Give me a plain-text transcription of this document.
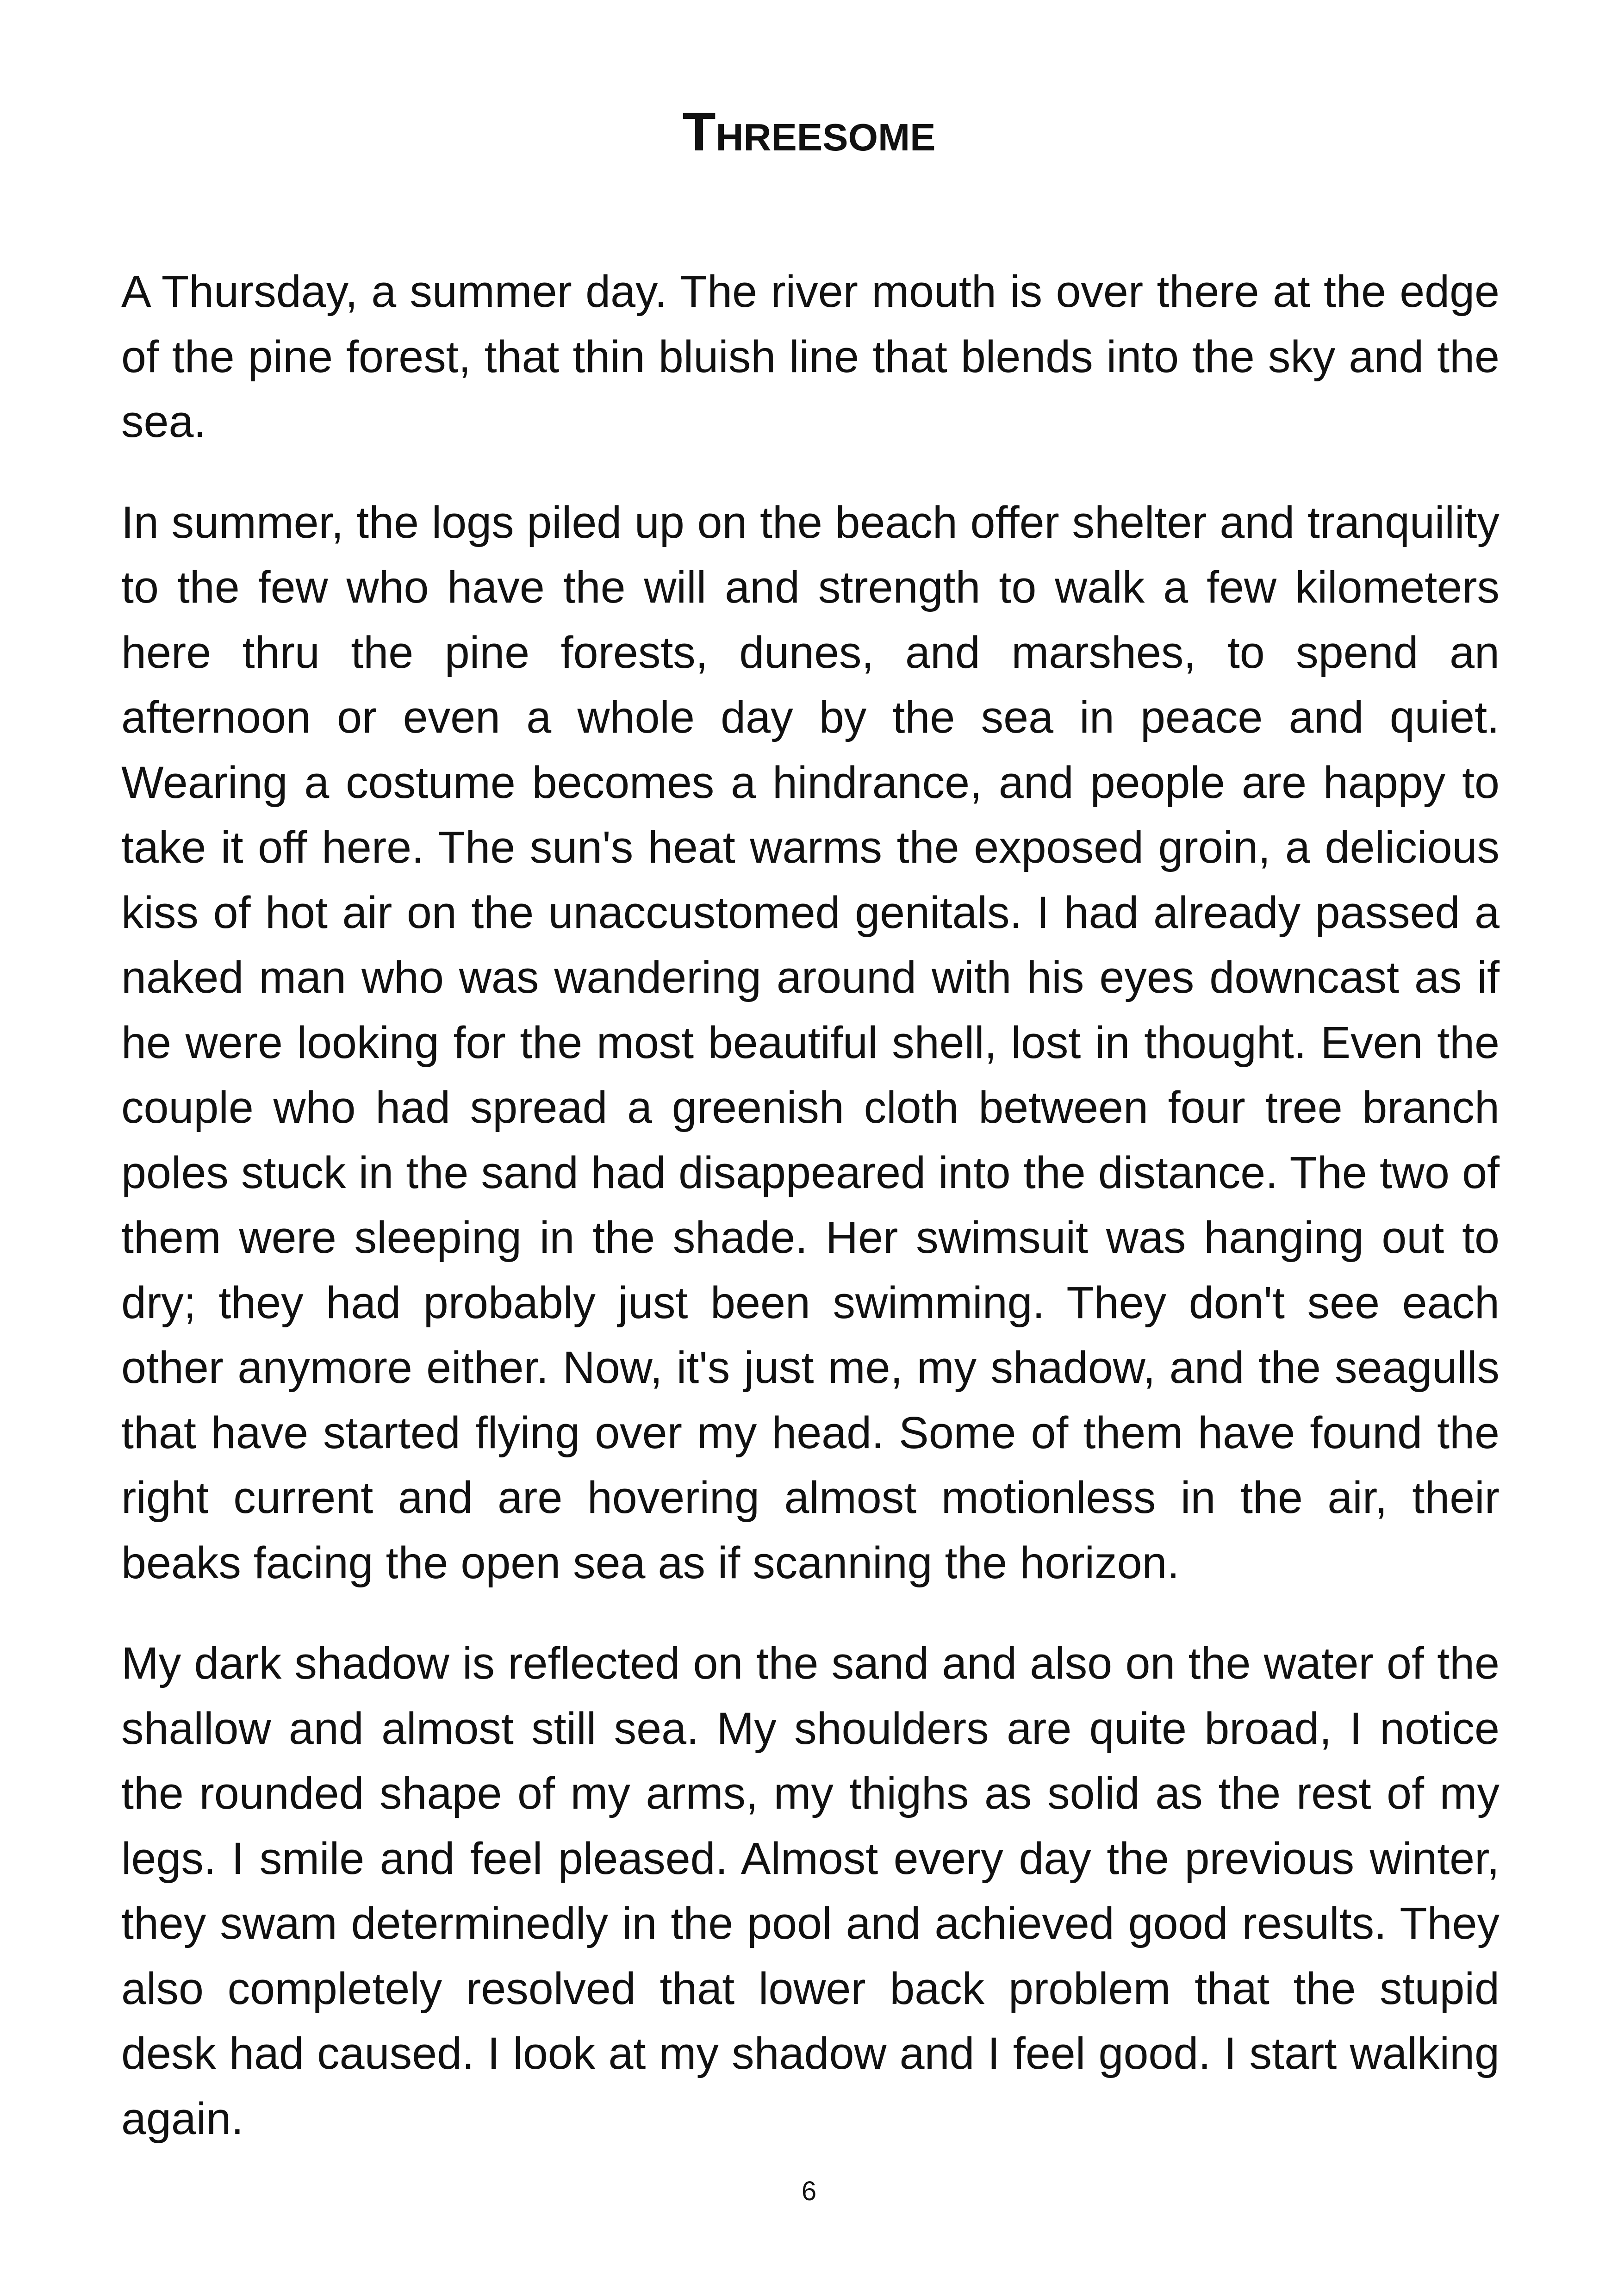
Threesome

A Thursday, a summer day. The river mouth is over there at the edge of the pine forest, that thin bluish line that blends into the sky and the sea.

In summer, the logs piled up on the beach offer shelter and tranquility to the few who have the will and strength to walk a few kilometers here thru the pine forests, dunes, and marshes, to spend an afternoon or even a whole day by the sea in peace and quiet. Wearing a costume becomes a hindrance, and people are happy to take it off here. The sun's heat warms the exposed groin, a delicious kiss of hot air on the unaccustomed genitals. I had already passed a naked man who was wandering around with his eyes downcast as if he were looking for the most beautiful shell, lost in thought. Even the couple who had spread a greenish cloth between four tree branch poles stuck in the sand had disappeared into the distance. The two of them were sleeping in the shade. Her swimsuit was hanging out to dry; they had probably just been swimming. They don't see each other anymore either. Now, it's just me, my shadow, and the seagulls that have started flying over my head. Some of them have found the right current and are hovering almost motionless in the air, their beaks facing the open sea as if scanning the horizon.

My dark shadow is reflected on the sand and also on the water of the shallow and almost still sea. My shoulders are quite broad, I notice the rounded shape of my arms, my thighs as solid as the rest of my legs. I smile and feel pleased. Almost every day the previous winter, they swam determinedly in the pool and achieved good results. They also completely resolved that lower back problem that the stupid desk had caused. I look at my shadow and I feel good. I start walking again.

6
